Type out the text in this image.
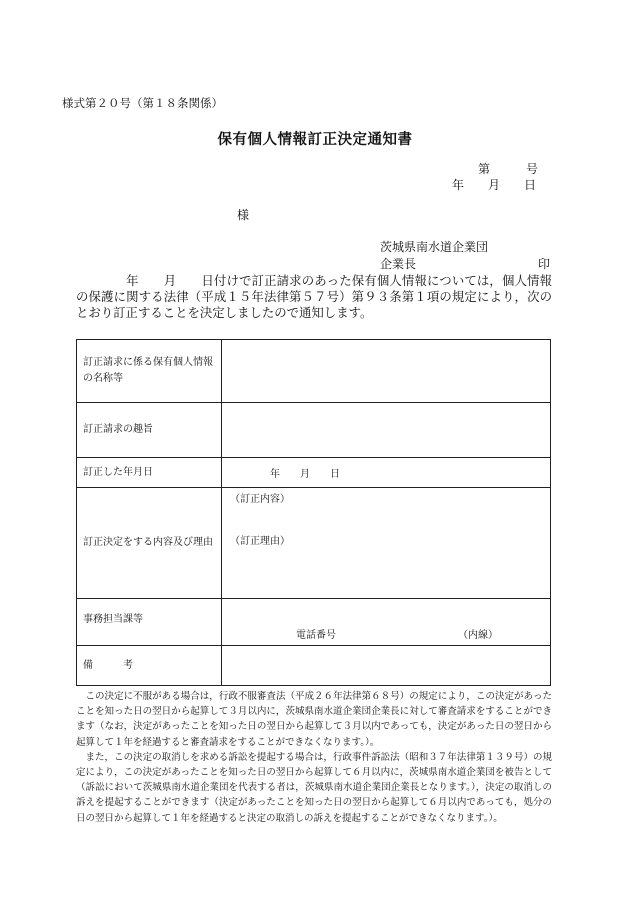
様式第２０号（第１８条関係）
保有個人情報訂正決定通知書
第　　　号
年　　月　　日
様
茨城県南水道企業団
企業長	印
　　　　年　　月　　日付けで訂正請求のあった保有個人情報については，個人情報の保護に関する法律（平成１５年法律第５７号）第９３条第１項の規定により，次のとおり訂正することを決定しましたので通知します。
訂正請求に係る保有個人情報の名称等	
訂正請求の趣旨	
訂正した年月日	年　　月　　日
訂正決定をする内容及び理由	（訂正内容）
（訂正理由）

事務担当課等	電話番号 （内線）

備　　　考	

この決定に不服がある場合は，行政不服審査法（平成２６年法律第６８号）の規定により，この決定があったことを知った日の翌日から起算して３月以内に，茨城県南水道企業団企業長に対して審査請求をすることができます（なお，決定があったことを知った日の翌日から起算して３月以内であっても，決定があった日の翌日から起算して１年を経過すると審査請求をすることができなくなります。）。

また，この決定の取消しを求める訴訟を提起する場合は，行政事件訴訟法（昭和３７年法律第１３９号）の規定により，この決定があったことを知った日の翌日から起算して６月以内に，茨城県南水道企業団を被告として（訴訟において茨城県南水道企業団を代表する者は，茨城県南水道企業団企業長となります。），決定の取消しの訴えを提起することができます（決定があったことを知った日の翌日から起算して６月以内であっても，処分の日の翌日から起算して１年を経過すると決定の取消しの訴えを提起することができなくなります。）。
